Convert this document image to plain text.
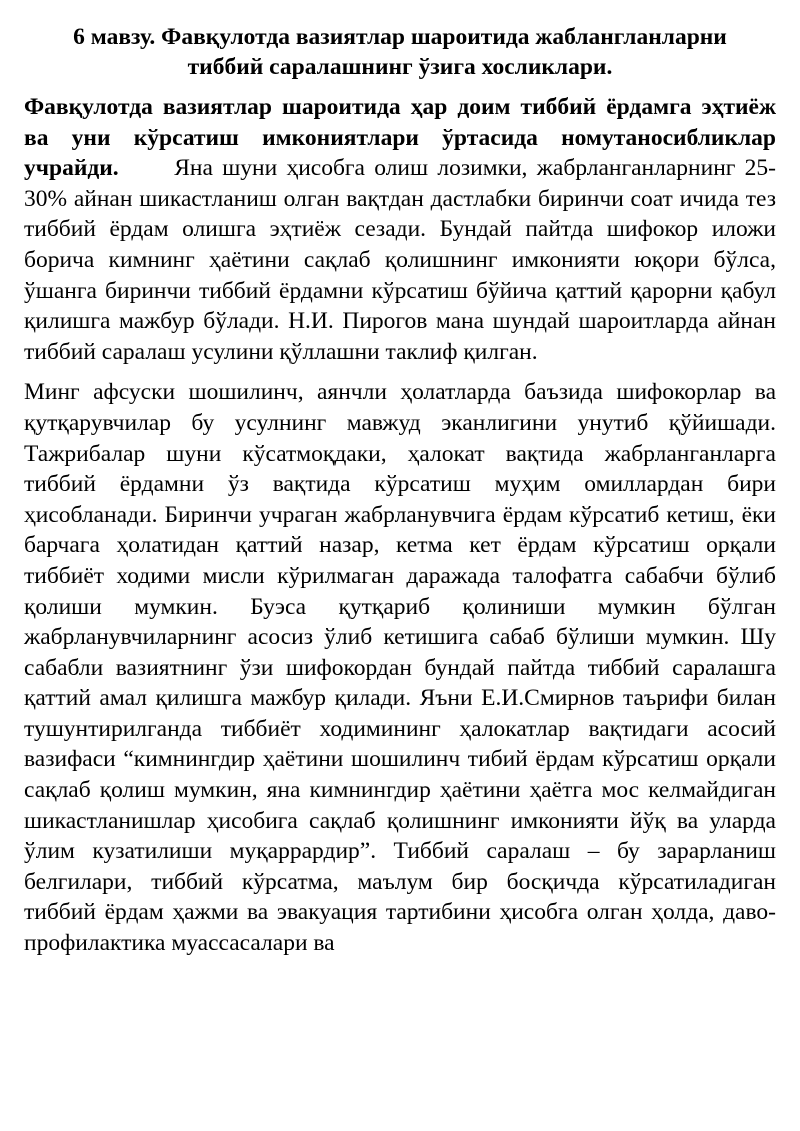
6 мавзу. Фавқулотда вазиятлар шароитида жаблангланларни
тиббий саралашнинг ўзига хосликлари.

Фавқулотда вазиятлар шароитида ҳар доим тиббий ёрдамга эҳтиёж ва уни кўрсатиш имкониятлари ўртасида номутаносибликлар учрайди. Яна шуни ҳисобга олиш лозимки, жабрланганларнинг 25-30% айнан шикастланиш олган вақтдан дастлабки биринчи соат ичида тез тиббий ёрдам олишга эҳтиёж сезади. Бундай пайтда шифокор иложи борича кимнинг ҳаётини сақлаб қолишнинг имконияти юқори бўлса, ўшанга биринчи тиббий ёрдамни кўрсатиш бўйича қаттий қарорни қабул қилишга мажбур бўлади. Н.И. Пирогов мана шундай шароитларда айнан тиббий саралаш усулини қўллашни таклиф қилган.

Минг афсуски шошилинч, аянчли ҳолатларда баъзида шифокорлар ва қутқарувчилар бу усулнинг мавжуд эканлигини унутиб қўйишади. Тажрибалар шуни кўсатмоқдаки, ҳалокат вақтида жабрланганларга тиббий ёрдамни ўз вақтида кўрсатиш муҳим омиллардан бири ҳисобланади. Биринчи учраган жабрланувчига ёрдам кўрсатиб кетиш, ёки барчага ҳолатидан қаттий назар, кетма кет ёрдам кўрсатиш орқали тиббиёт ходими мисли кўрилмаган даражада талофатга сабабчи бўлиб қолиши мумкин. Буэса қутқариб қолиниши мумкин бўлган жабрланувчиларнинг асосиз ўлиб кетишига сабаб бўлиши мумкин. Шу сабабли вазиятнинг ўзи шифокордан бундай пайтда тиббий саралашга қаттий амал қилишга мажбур қилади. Яъни Е.И.Смирнов таърифи билан тушунтирилганда тиббиёт ходимининг ҳалокатлар вақтидаги асосий вазифаси “кимнингдир ҳаётини шошилинч тибий ёрдам кўрсатиш орқали сақлаб қолиш мумкин, яна кимнингдир ҳаётини ҳаётга мос келмайдиган шикастланишлар ҳисобига сақлаб қолишнинг имконияти йўқ ва уларда ўлим кузатилиши муқаррардир”. Тиббий саралаш – бу зарарланиш белгилари, тиббий кўрсатма, маълум бир босқичда кўрсатиладиган тиббий ёрдам ҳажми ва эвакуация тартибини ҳисобга олган ҳолда, даво-профилактика муассасалари ва
